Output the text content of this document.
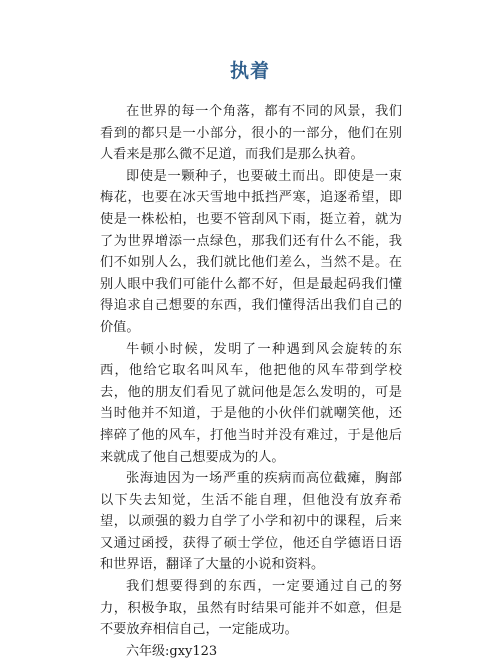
执着

在世界的每一个角落，都有不同的风景，我们看到的都只是一小部分，很小的一部分，他们在别人看来是那么微不足道，而我们是那么执着。

即使是一颗种子，也要破土而出。即使是一束梅花，也要在冰天雪地中抵挡严寒，追逐希望，即使是一株松柏，也要不管刮风下雨，挺立着，就为了为世界增添一点绿色，那我们还有什么不能，我们不如别人么，我们就比他们差么，当然不是。在别人眼中我们可能什么都不好，但是最起码我们懂得追求自己想要的东西，我们懂得活出我们自己的价值。

牛顿小时候，发明了一种遇到风会旋转的东西，他给它取名叫风车，他把他的风车带到学校去，他的朋友们看见了就问他是怎么发明的，可是当时他并不知道，于是他的小伙伴们就嘲笑他，还摔碎了他的风车，打他当时并没有难过，于是他后来就成了他自己想要成为的人。

张海迪因为一场严重的疾病而高位截瘫，胸部以下失去知觉，生活不能自理，但他没有放弃希望，以顽强的毅力自学了小学和初中的课程，后来又通过函授，获得了硕士学位，他还自学德语日语和世界语，翻译了大量的小说和资料。

我们想要得到的东西，一定要通过自己的努力，积极争取，虽然有时结果可能并不如意，但是不要放弃相信自己，一定能成功。

六年级:gxy123
